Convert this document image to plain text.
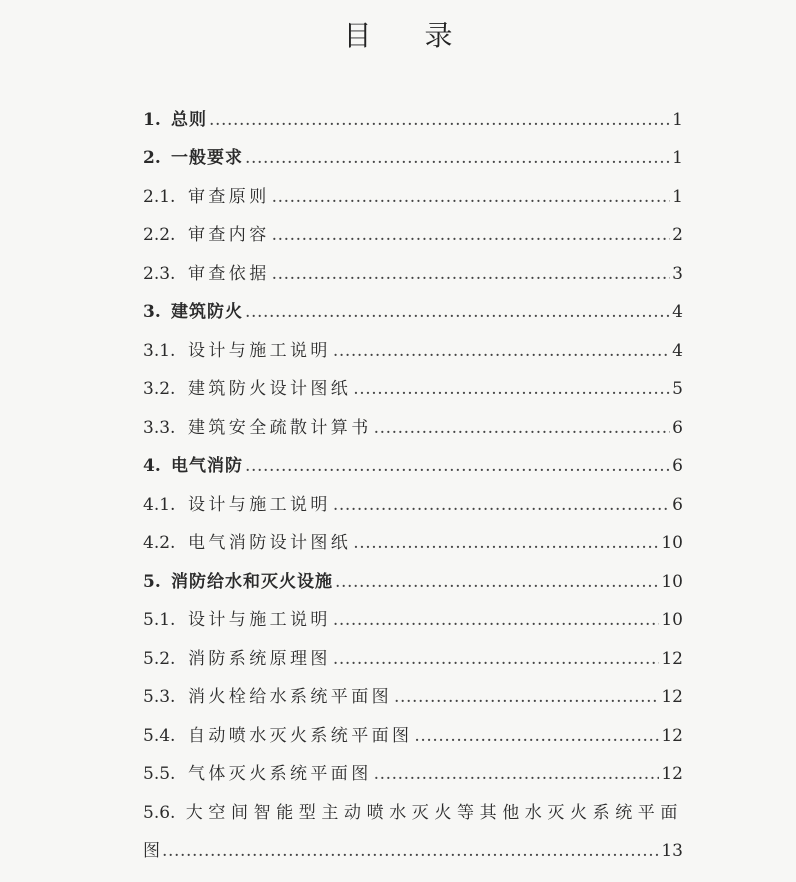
目 录
1. 总则 .....	1
2. 一般要求 .....	1
2.1. 审查原则 .....	1
2.2. 审查内容 .....	2
2.3. 审查依据 .....	3
3. 建筑防火 .....	4
3.1. 设计与施工说明 .....	4
3.2. 建筑防火设计图纸 .....	5
3.3. 建筑安全疏散计算书 .....	6
4. 电气消防 .....	6
4.1. 设计与施工说明 .....	6
4.2. 电气消防设计图纸 .....	10
5. 消防给水和灭火设施 .....	10
5.1. 设计与施工说明 .....	10
5.2. 消防系统原理图 .....	12
5.3. 消火栓给水系统平面图 .....	12
5.4. 自动喷水灭火系统平面图 .....	12
5.5. 气体灭火系统平面图 .....	12
5.6. 大空间智能型主动喷水灭火等其他水灭火系统平面
图 .....	13
